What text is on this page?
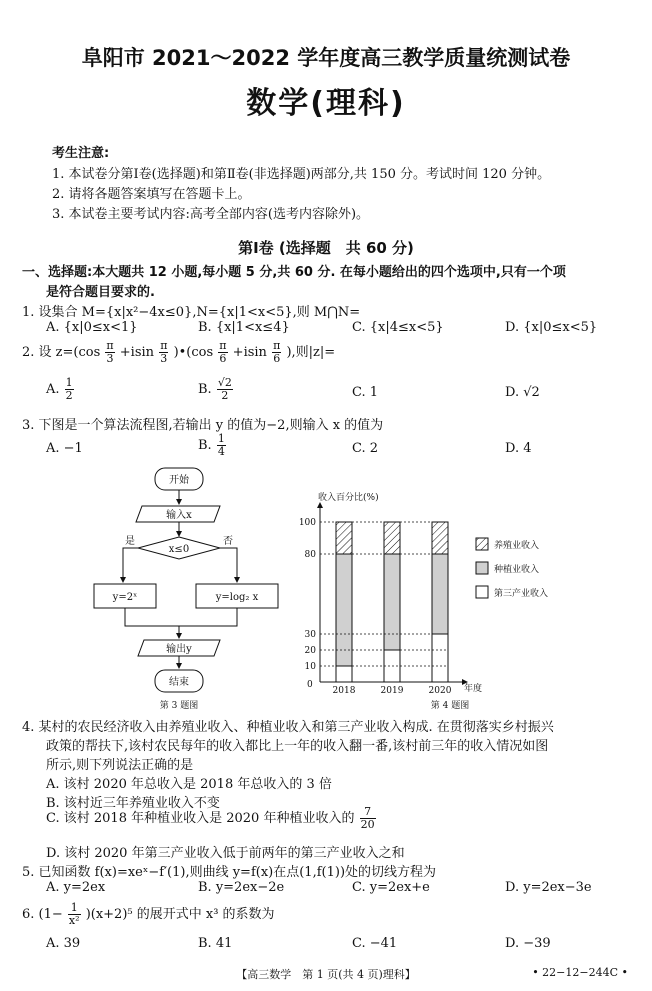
阜阳市 2021～2022 学年度高三教学质量统测试卷
数学(理科)
考生注意:
1. 本试卷分第Ⅰ卷(选择题)和第Ⅱ卷(非选择题)两部分,共 150 分。考试时间 120 分钟。
2. 请将各题答案填写在答题卡上。
3. 本试卷主要考试内容:高考全部内容(选考内容除外)。
第Ⅰ卷 (选择题　共 60 分)
一、选择题:本大题共 12 小题,每小题 5 分,共 60 分. 在每小题给出的四个选项中,只有一个项
是符合题目要求的.
1. 设集合 M={x|x²−4x≤0},N={x|1<x<5},则 M⋂N=
A. {x|0≤x<1}	B. {x|1<x≤4}	C. {x|4≤x<5}	D. {x|0≤x<5}
2. 设 $z=(\cos \frac{\pi}{3} +isin \frac{\pi}{3}$ )•(cos $\frac{\pi}{6} +isin \frac{\pi}{6}$ ),则|z|=
A. $\frac{1}{2}$	B. $\frac{√2}{2}$	C. 1	D. √2
3. 下图是一个算法流程图,若输出 y 的值为−2,则输入 x 的值为
A. −1	B. $\frac{1}{4}$	C. 2	D. 4
开始
输入x
x≤0
是	否
y=2ˣ	y=log₂ x
输出y
结束
第 3 题图
收入百分比(%)
年度
0
第 4 题图
2018	2019	2020
10
20
30
80
100
养殖业收入
种植业收入
第三产业收入
4. 某村的农民经济收入由养殖业收入、种植业收入和第三产业收入构成. 在贯彻落实乡村振兴
政策的帮扶下,该村农民每年的收入都比上一年的收入翻一番,该村前三年的收入情况如图
所示,则下列说法正确的是
A. 该村 2020 年总收入是 2018 年总收入的 3 倍
B. 该村近三年养殖业收入不变
C. 该村 2018 年种植业收入是 2020 年种植业收入的 $\frac{7}{20}$
D. 该村 2020 年第三产业收入低于前两年的第三产业收入之和
5. 已知函数 f(x)=xeˣ−f′(1),则曲线 y=f(x)在点(1,f(1))处的切线方程为
A. y=2ex	B. y=2ex−2e	C. y=2ex+e	D. y=2ex−3e
6. $(1- \frac{1}{\text{x²}} )(x+2)^5$ 的展开式中 x³ 的系数为
A. 39	B. 41	C. −41	D. −39
【高三数学　第 1 页(共 4 页)理科】	• 22−12−244C •
